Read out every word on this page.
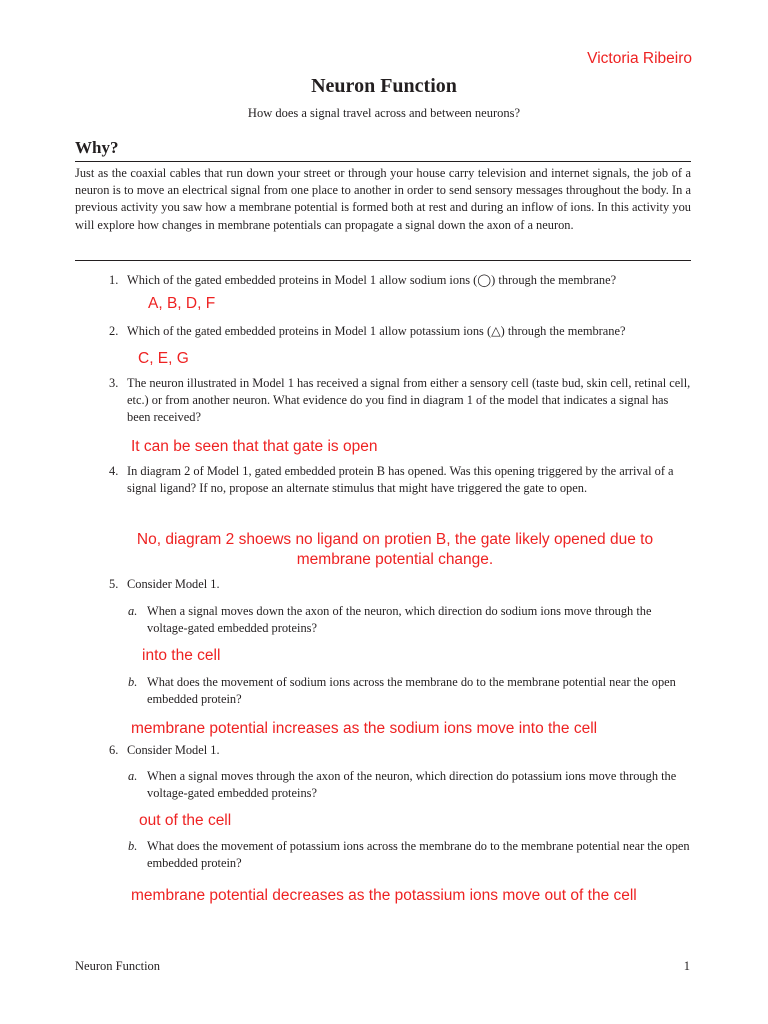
Victoria Ribeiro
Neuron Function
How does a signal travel across and between neurons?
Why?
Just as the coaxial cables that run down your street or through your house carry television and internet signals, the job of a neuron is to move an electrical signal from one place to another in order to send sensory messages throughout the body. In a previous activity you saw how a membrane potential is formed both at rest and during an inflow of ions. In this activity you will explore how changes in membrane potentials can propagate a signal down the axon of a neuron.
1. Which of the gated embedded proteins in Model 1 allow sodium ions (◯) through the membrane?
A, B, D, F
2. Which of the gated embedded proteins in Model 1 allow potassium ions (△) through the membrane?
C, E, G
3. The neuron illustrated in Model 1 has received a signal from either a sensory cell (taste bud, skin cell, retinal cell, etc.) or from another neuron. What evidence do you find in diagram 1 of the model that indicates a signal has been received?
It can be seen that that gate is open
4. In diagram 2 of Model 1, gated embedded protein B has opened. Was this opening triggered by the arrival of a signal ligand? If no, propose an alternate stimulus that might have triggered the gate to open.
No, diagram 2 shoews no ligand on protien B, the gate likely opened due to membrane potential change.
5. Consider Model 1.
a. When a signal moves down the axon of the neuron, which direction do sodium ions move through the voltage-gated embedded proteins?
into the cell
b. What does the movement of sodium ions across the membrane do to the membrane potential near the open embedded protein?
membrane potential increases as the sodium ions move into the cell
6. Consider Model 1.
a. When a signal moves through the axon of the neuron, which direction do potassium ions move through the voltage-gated embedded proteins?
out of the cell
b. What does the movement of potassium ions across the membrane do to the membrane potential near the open embedded protein?
membrane potential decreases as the potassium ions move out of the cell
Neuron Function	1
